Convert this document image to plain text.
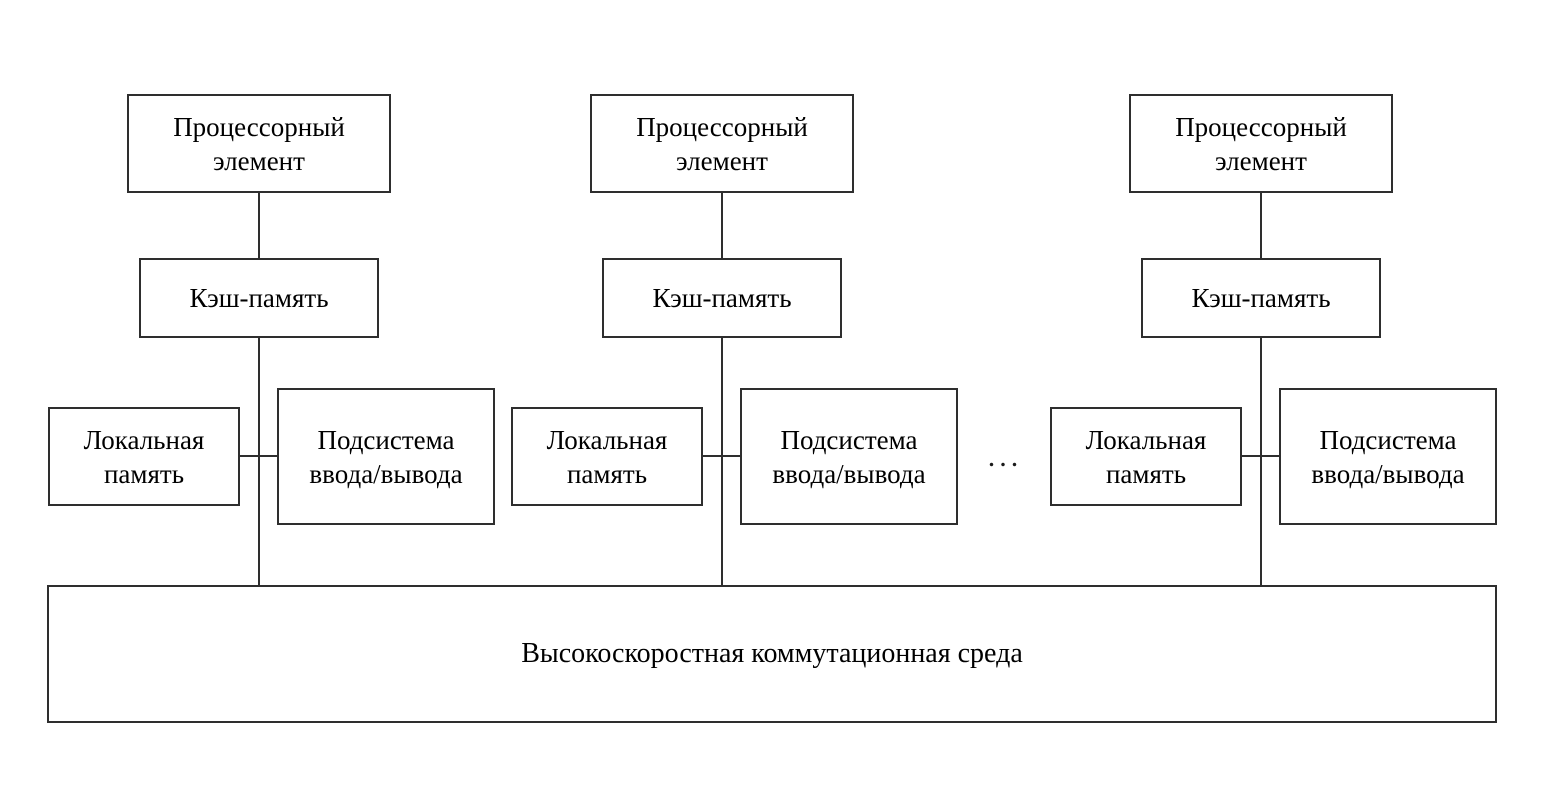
Процессорный элемент
Кэш-память
Локальная память
Подсистема ввода/вывода
Процессорный элемент
Кэш-память
Локальная память
Подсистема ввода/вывода
...
Процессорный элемент
Кэш-память
Локальная память
Подсистема ввода/вывода
Высокоскоростная коммутационная среда
